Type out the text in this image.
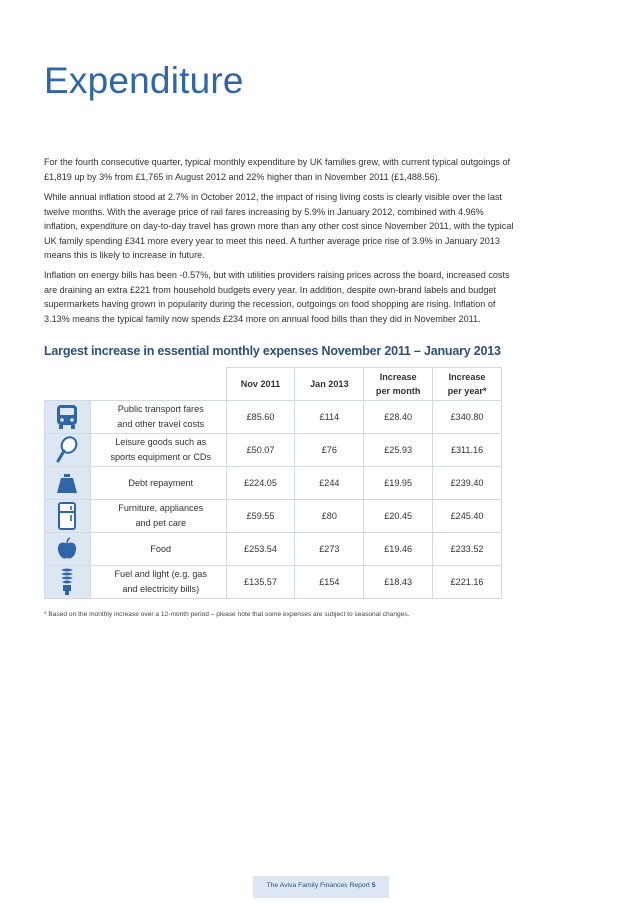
Expenditure

For the fourth consecutive quarter, typical monthly expenditure by UK families grew, with current typical outgoings of £1,819 up by 3% from £1,765 in August 2012 and 22% higher than in November 2011 (£1,488.56).

While annual inflation stood at 2.7% in October 2012, the impact of rising living costs is clearly visible over the last twelve months. With the average price of rail fares increasing by 5.9% in January 2012, combined with 4.96% inflation, expenditure on day-to-day travel has grown more than any other cost since November 2011, with the typical UK family spending £341 more every year to meet this need. A further average price rise of 3.9% in January 2013 means this is likely to increase in future.

Inflation on energy bills has been -0.57%, but with utilities providers raising prices across the board, increased costs are draining an extra £221 from household budgets every year. In addition, despite own-brand labels and budget supermarkets having grown in popularity during the recession, outgoings on food shopping are rising. Inflation of 3.13% means the typical family now spends £234 more on annual food bills than they did in November 2011.

Largest increase in essential monthly expenses November 2011 – January 2013
		Nov 2011	Jan 2013	Increase
per month	Increase
per year*

	Public transport fares
and other travel costs	£85.60	£114	£28.40	£340.80

	Leisure goods such as
sports equipment or CDs	£50.07	£76	£25.93	£311.16

	Debt repayment	£224.05	£244	£19.95	£239.40

	Furniture, appliances
and pet care	£59.55	£80	£20.45	£245.40

	Food	£253.54	£273	£19.46	£233.52

	Fuel and light (e.g. gas
and electricity bills)	£135.57	£154	£18.43	£221.16

* Based on the monthly increase over a 12-month period – please note that some expenses are subject to seasonal changes.

The Aviva Family Finances Report 5
